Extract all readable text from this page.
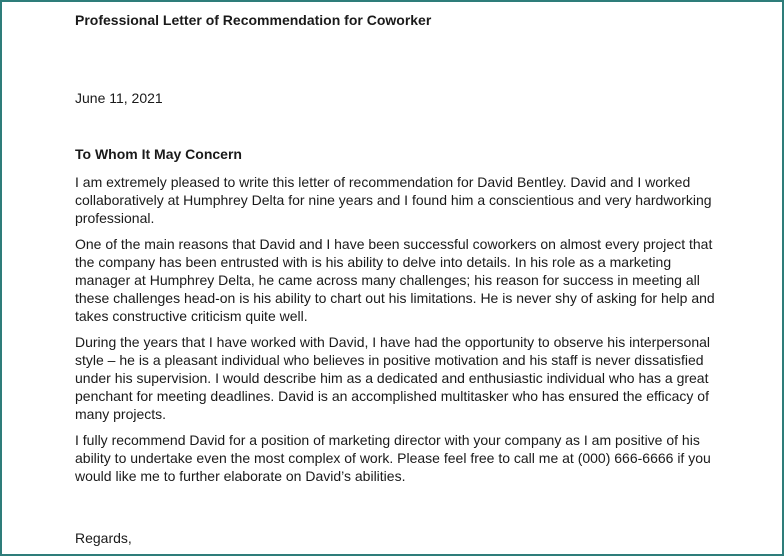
Professional Letter of Recommendation for Coworker
June 11, 2021
To Whom It May Concern

I am extremely pleased to write this letter of recommendation for David Bentley. David and I worked collaboratively at Humphrey Delta for nine years and I found him a conscientious and very hardworking professional.

One of the main reasons that David and I have been successful coworkers on almost every project that the company has been entrusted with is his ability to delve into details. In his role as a marketing manager at Humphrey Delta, he came across many challenges; his reason for success in meeting all these challenges head-on is his ability to chart out his limitations. He is never shy of asking for help and takes constructive criticism quite well.

During the years that I have worked with David, I have had the opportunity to observe his interpersonal style – he is a pleasant individual who believes in positive motivation and his staff is never dissatisfied under his supervision. I would describe him as a dedicated and enthusiastic individual who has a great penchant for meeting deadlines. David is an accomplished multitasker who has ensured the efficacy of many projects.

I fully recommend David for a position of marketing director with your company as I am positive of his ability to undertake even the most complex of work. Please feel free to call me at (000) 666-6666 if you would like me to further elaborate on David’s abilities.

Regards,
